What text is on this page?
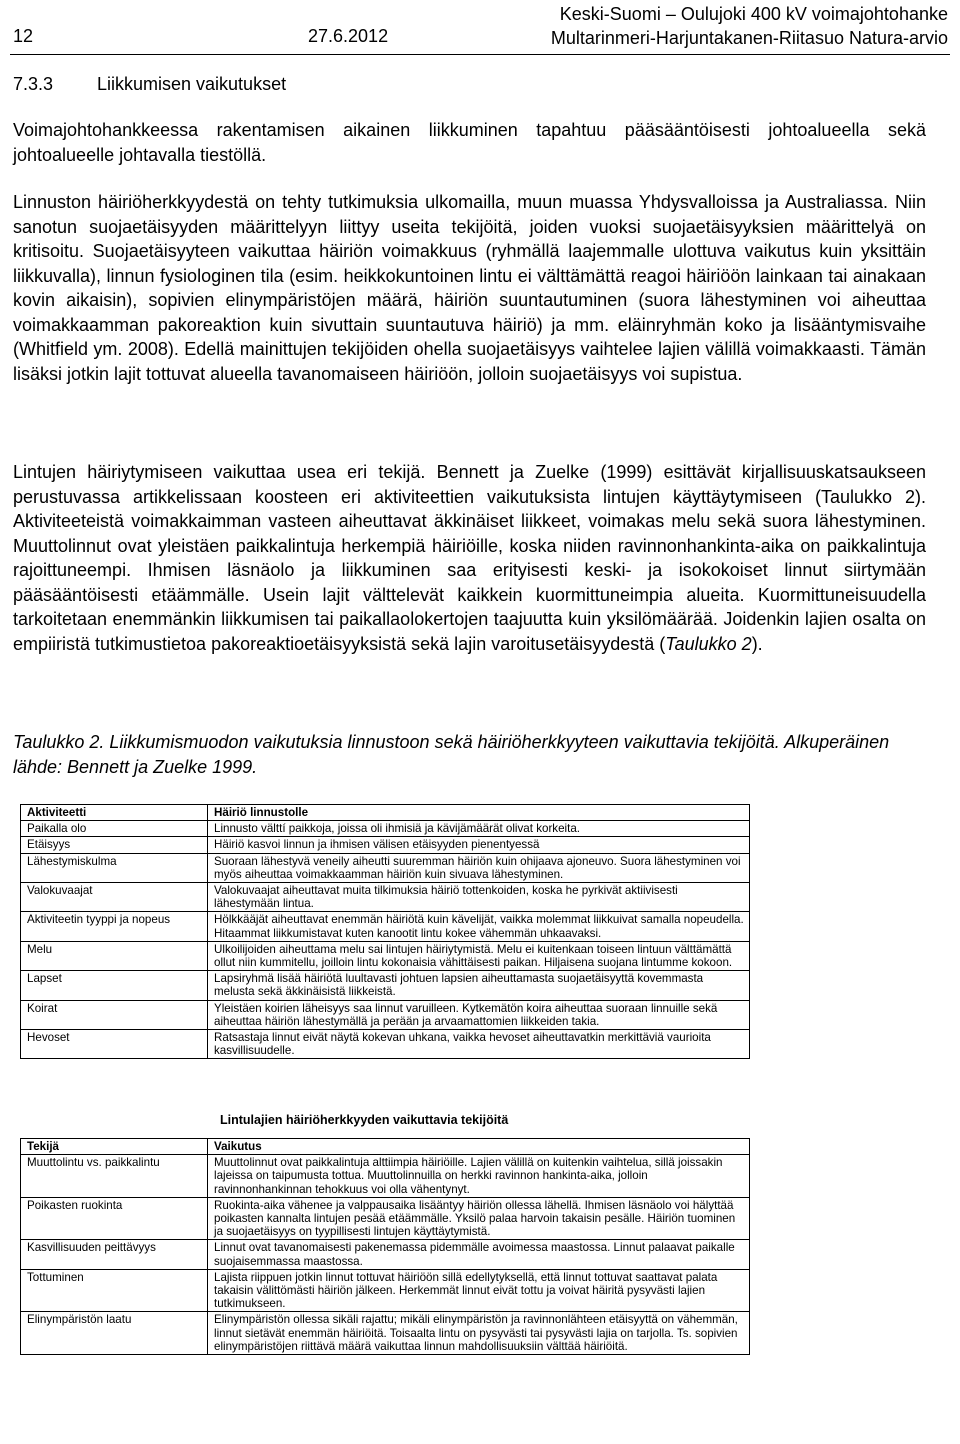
12	27.6.2012
Keski-Suomi – Oulujoki 400 kV voimajohtohanke
Multarinmeri-Harjuntakanen-Riitasuo Natura-arvio
7.3.3 Liikkumisen vaikutukset

Voimajohtohankkeessa rakentamisen aikainen liikkuminen tapahtuu pääsääntöisesti johtoalueella sekä johtoalueelle johtavalla tiestöllä.

Linnuston häiriöherkkyydestä on tehty tutkimuksia ulkomailla, muun muassa Yhdysvalloissa ja Australiassa. Niin sanotun suojaetäisyyden määrittelyyn liittyy useita tekijöitä, joiden vuoksi suojaetäisyyksien määrittelyä on kritisoitu. Suojaetäisyyteen vaikuttaa häiriön voimakkuus (ryhmällä laajemmalle ulottuva vaikutus kuin yksittäin liikkuvalla), linnun fysiologinen tila (esim. heikkokuntoinen lintu ei välttämättä reagoi häiriöön lainkaan tai ainakaan kovin aikaisin), sopivien elinympäristöjen määrä, häiriön suuntautuminen (suora lähestyminen voi aiheuttaa voimakkaamman pakoreaktion kuin sivuttain suuntautuva häiriö) ja mm. eläinryhmän koko ja lisääntymisvaihe (Whitfield ym. 2008). Edellä mainittujen tekijöiden ohella suojaetäisyys vaihtelee lajien välillä voimakkaasti. Tämän lisäksi jotkin lajit tottuvat alueella tavanomaiseen häiriöön, jolloin suojaetäisyys voi supistua.

Lintujen häiriytymiseen vaikuttaa usea eri tekijä. Bennett ja Zuelke (1999) esittävät kirjallisuuskatsaukseen perustuvassa artikkelissaan koosteen eri aktiviteettien vaikutuksista lintujen käyttäytymiseen (Taulukko 2). Aktiviteeteistä voimakkaimman vasteen aiheuttavat äkkinäiset liikkeet, voimakas melu sekä suora lähestyminen. Muuttolinnut ovat yleistäen paikkalintuja herkempiä häiriöille, koska niiden ravinnonhankinta-aika on paikkalintuja rajoittuneempi. Ihmisen läsnäolo ja liikkuminen saa erityisesti keski- ja isokokoiset linnut siirtymään pääsääntöisesti etäämmälle. Usein lajit välttelevät kaikkein kuormittuneimpia alueita. Kuormittuneisuudella tarkoitetaan enemmänkin liikkumisen tai paikallaolokertojen taajuutta kuin yksilömäärää. Joidenkin lajien osalta on empiiristä tutkimustietoa pakoreaktioetäisyyksistä sekä lajin varoitusetäisyydestä (Taulukko 2).

Taulukko 2. Liikkumismuodon vaikutuksia linnustoon sekä häiriöherkkyyteen vaikuttavia tekijöitä. Alkuperäinen lähde: Bennett ja Zuelke 1999.
Aktiviteetti	Häiriö linnustolle
Paikalla olo	Linnusto välttí paikkoja, joissa oli ihmisiä ja kävijämäärät olivat korkeita.
Etäisyys	Häiriö kasvoi linnun ja ihmisen välisen etäisyyden pienentyessä
Lähestymiskulma	Suoraan lähestyvä veneily aiheutti suuremman häiriön kuin ohijaava ajoneuvo. Suora lähestyminen voi myös aiheuttaa voimakkaamman häiriön kuin sivuava lähestyminen.
Valokuvaajat	Valokuvaajat aiheuttavat muita tilkimuksia häiriö tottenkoiden, koska he pyrkivät aktiivisesti lähestymään lintua.
Aktiviteetin tyyppi ja nopeus	Hölkkääjät aiheuttavat enemmän häiriötä kuin kävelijät, vaikka molemmat liikkuivat samalla nopeudella. Hitaammat liikkumistavat kuten kanootit lintu kokee vähemmän uhkaavaksi.
Melu	Ulkoilijoiden aiheuttama melu sai lintujen häiriytymistä. Melu ei kuitenkaan toiseen lintuun välttämättä ollut niin kummitellu, joilloin lintu kokonaisia vähittäisesti paikan. Hiljaisena suojana lintumme kokoon.
Lapset	Lapsiryhmä lisää häiriötä luultavasti johtuen lapsien aiheuttamasta suojaetäisyyttä kovemmasta melusta sekä äkkinäisistä liikkeistä.
Koirat	Yleistäen koirien läheisyys saa linnut varuilleen. Kytkemätön koira aiheuttaa suoraan linnuille sekä aiheuttaa häiriön lähestymällä ja perään ja arvaamattomien liikkeiden takia.
Hevoset	Ratsastaja linnut eivät näytä kokevan uhkana, vaikka hevoset aiheuttavatkin merkittäviä vaurioita kasvillisuudelle.
Lintulajien häiriöherkkyyden vaikuttavia tekijöitä
Tekijä	Vaikutus
Muuttolintu vs. paikkalintu	Muuttolinnut ovat paikkalintuja alttiimpia häiriöille. Lajien välillä on kuitenkin vaihtelua, sillä joissakin lajeissa on taipumusta tottua. Muuttolinnuilla on herkki ravinnon hankinta-aika, jolloin ravinnonhankinnan tehokkuus voi olla vähentynyt.
Poikasten ruokinta	Ruokinta-aika vähenee ja valppausaika lisääntyy häiriön ollessa lähellä. Ihmisen läsnäolo voi hälyttää poikasten kannalta lintujen pesää etäämmälle. Yksilö palaa harvoin takaisin pesälle. Häiriön tuominen ja suojaetäisyys on tyypillisesti lintujen käyttäytymistä.
Kasvillisuuden peittävyys	Linnut ovat tavanomaisesti pakenemassa pidemmälle avoimessa maastossa. Linnut palaavat paikalle suojaisemmassa maastossa.
Tottuminen	Lajista riippuen jotkin linnut tottuvat häiriöön sillä edellytyksellä, että linnut tottuvat saattavat palata takaisin välittömästi häiriön jälkeen. Herkemmät linnut eivät tottu ja voivat häiritä pysyvästi lajien tutkimukseen.
Elinympäristön laatu	Elinympäristön ollessa sikäli rajattu; mikäli elinympäristön ja ravinnonlähteen etäisyyttä on vähemmän, linnut sietävät enemmän häiriöitä. Toisaalta lintu on pysyvästi tai pysyvästi lajia on tarjolla. Ts. sopivien elinympäristöjen riittävä määrä vaikuttaa linnun mahdollisuuksiin välttää häiriöitä.
